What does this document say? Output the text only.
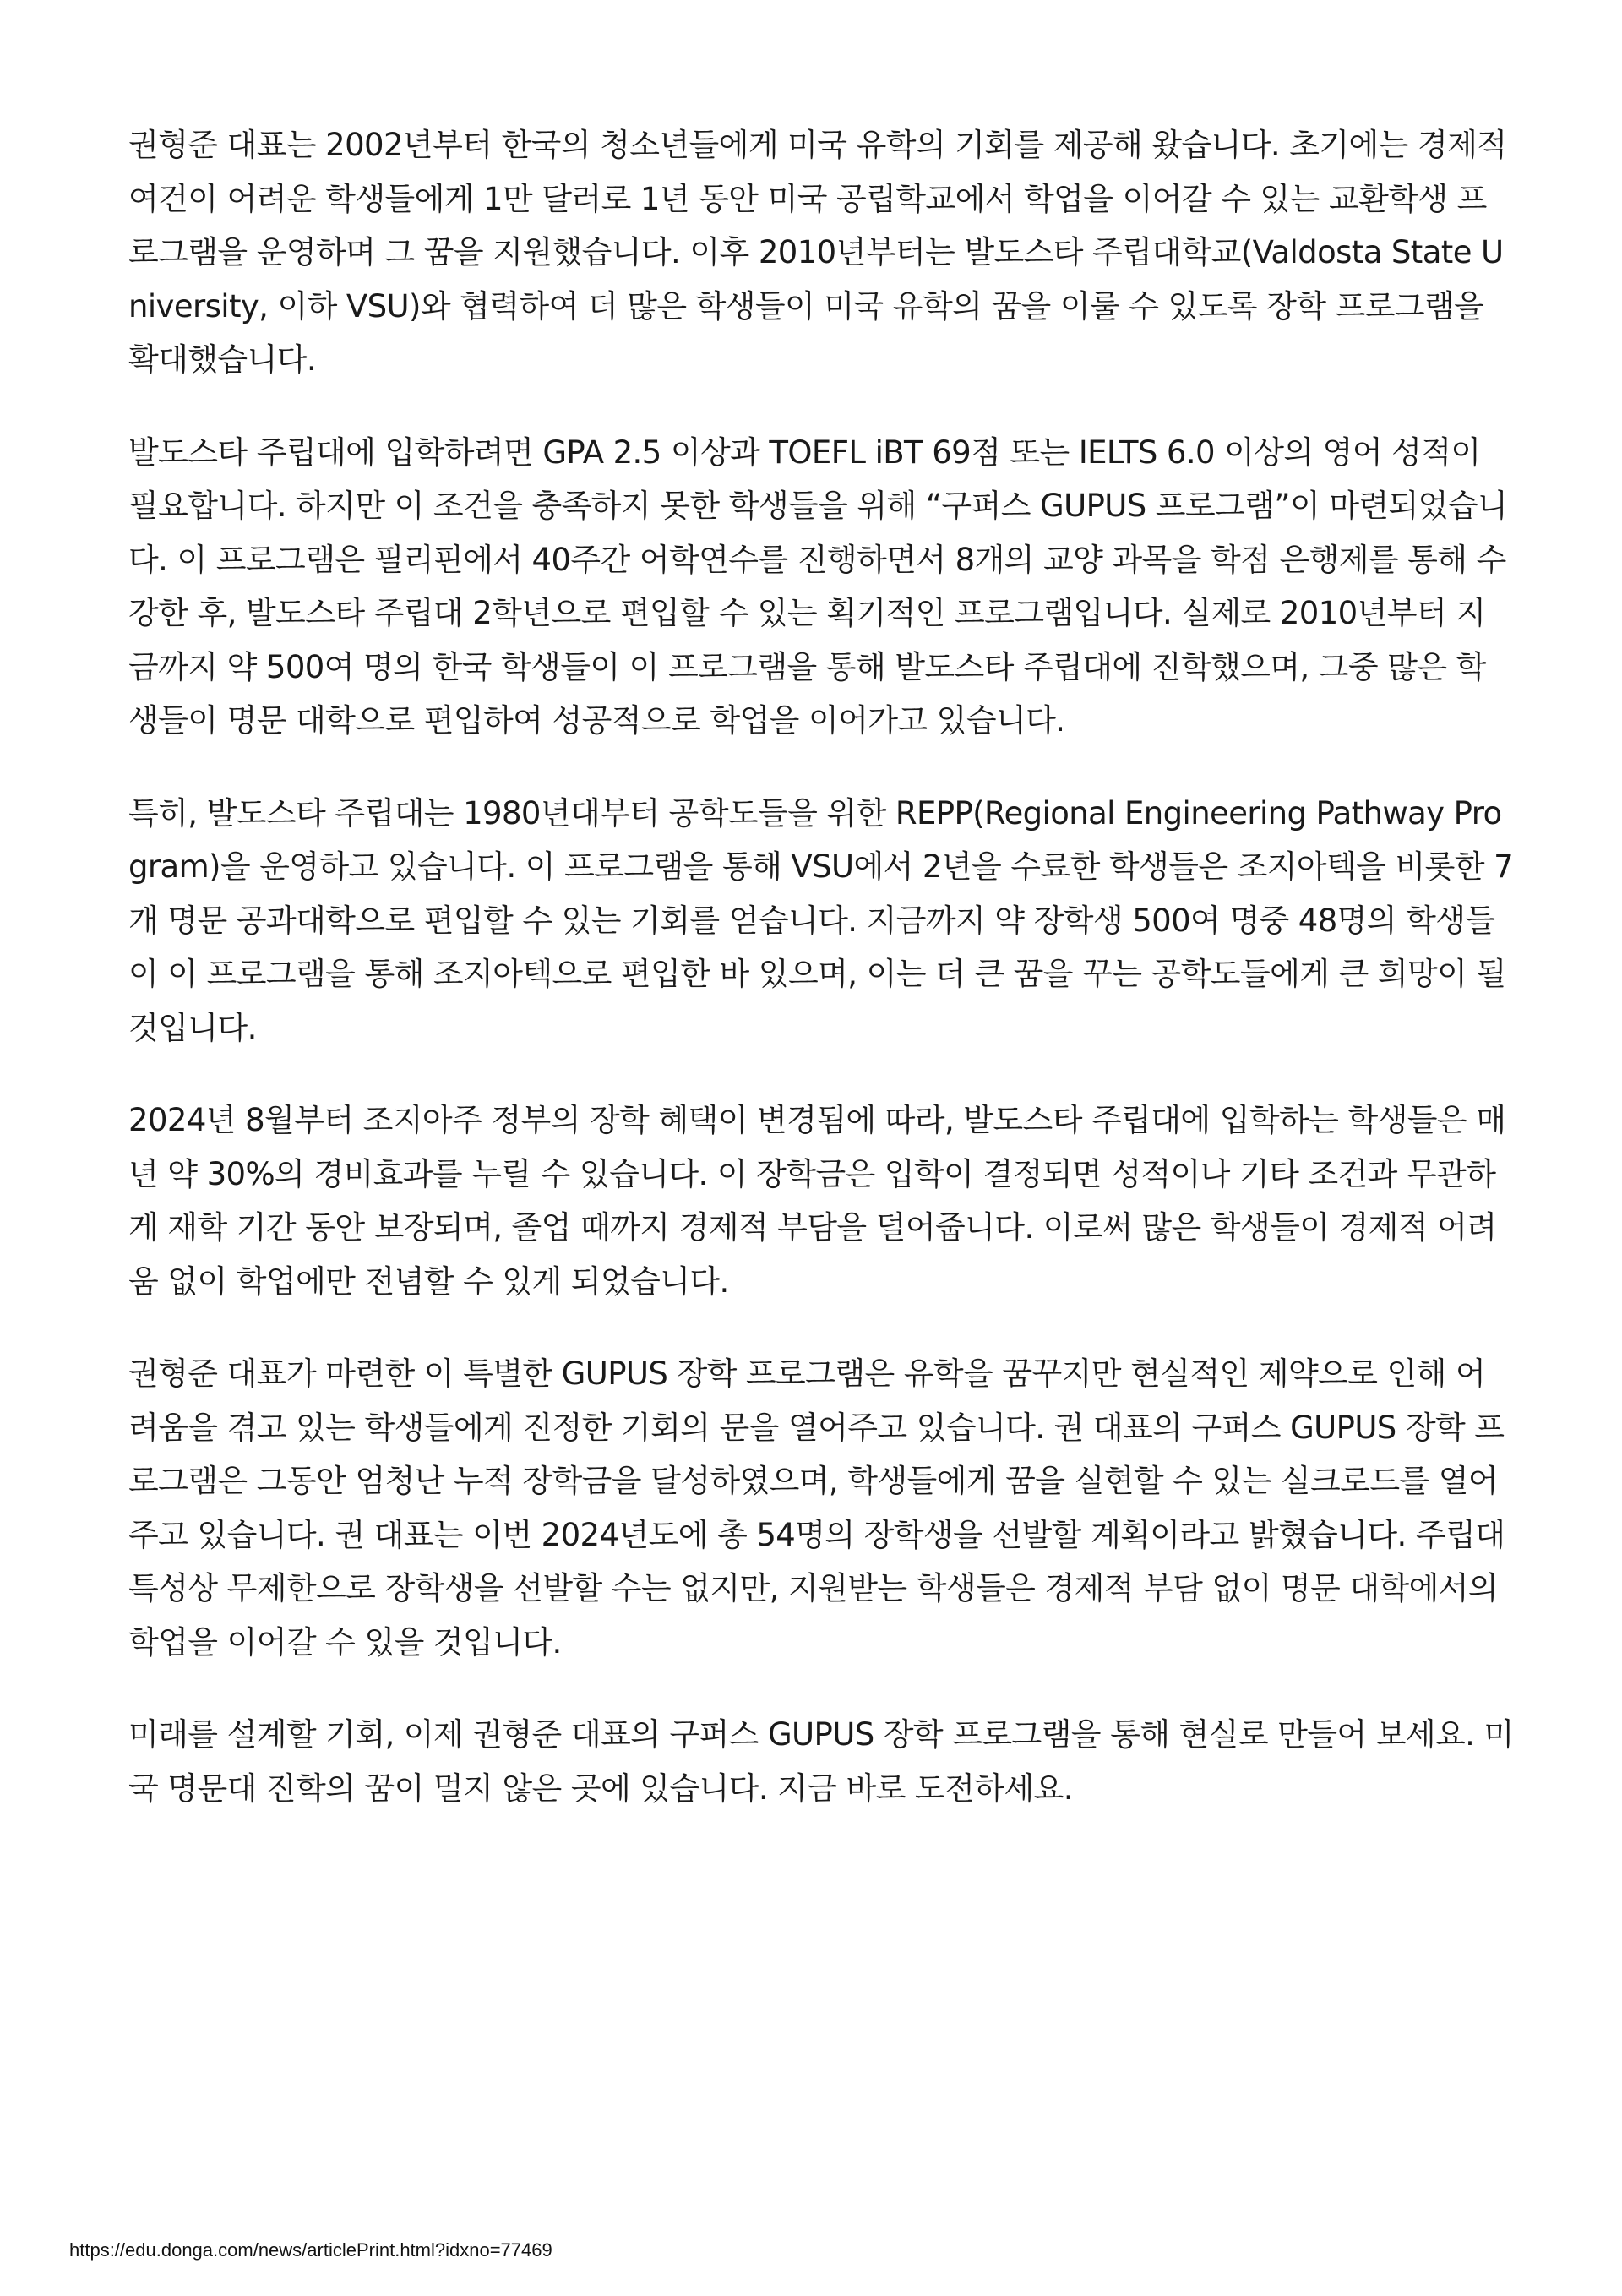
권형준 대표는 2002년부터 한국의 청소년들에게 미국 유학의 기회를 제공해 왔습니다. 초기에는 경제적 여건이 어려운 학생들에게 1만 달러로 1년 동안 미국 공립학교에서 학업을 이어갈 수 있는 교환학생 프로그램을 운영하며 그 꿈을 지원했습니다. 이후 2010년부터는 발도스타 주립대학교(Valdosta State University, 이하 VSU)와 협력하여 더 많은 학생들이 미국 유학의 꿈을 이룰 수 있도록 장학 프로그램을 확대했습니다.

발도스타 주립대에 입학하려면 GPA 2.5 이상과 TOEFL iBT 69점 또는 IELTS 6.0 이상의 영어 성적이 필요합니다. 하지만 이 조건을 충족하지 못한 학생들을 위해 “구퍼스 GUPUS 프로그램”이 마련되었습니다. 이 프로그램은 필리핀에서 40주간 어학연수를 진행하면서 8개의 교양 과목을 학점 은행제를 통해 수강한 후, 발도스타 주립대 2학년으로 편입할 수 있는 획기적인 프로그램입니다. 실제로 2010년부터 지금까지 약 500여 명의 한국 학생들이 이 프로그램을 통해 발도스타 주립대에 진학했으며, 그중 많은 학생들이 명문 대학으로 편입하여 성공적으로 학업을 이어가고 있습니다.

특히, 발도스타 주립대는 1980년대부터 공학도들을 위한 REPP(Regional Engineering Pathway Program)을 운영하고 있습니다. 이 프로그램을 통해 VSU에서 2년을 수료한 학생들은 조지아텍을 비롯한 7개 명문 공과대학으로 편입할 수 있는 기회를 얻습니다. 지금까지 약 장학생 500여 명중 48명의 학생들이 이 프로그램을 통해 조지아텍으로 편입한 바 있으며, 이는 더 큰 꿈을 꾸는 공학도들에게 큰 희망이 될 것입니다.

2024년 8월부터 조지아주 정부의 장학 혜택이 변경됨에 따라, 발도스타 주립대에 입학하는 학생들은 매년 약 30%의 경비효과를 누릴 수 있습니다. 이 장학금은 입학이 결정되면 성적이나 기타 조건과 무관하게 재학 기간 동안 보장되며, 졸업 때까지 경제적 부담을 덜어줍니다. 이로써 많은 학생들이 경제적 어려움 없이 학업에만 전념할 수 있게 되었습니다.

권형준 대표가 마련한 이 특별한 GUPUS 장학 프로그램은 유학을 꿈꾸지만 현실적인 제약으로 인해 어려움을 겪고 있는 학생들에게 진정한 기회의 문을 열어주고 있습니다. 권 대표의 구퍼스 GUPUS 장학 프로그램은 그동안 엄청난 누적 장학금을 달성하였으며, 학생들에게 꿈을 실현할 수 있는 실크로드를 열어주고 있습니다. 권 대표는 이번 2024년도에 총 54명의 장학생을 선발할 계획이라고 밝혔습니다. 주립대 특성상 무제한으로 장학생을 선발할 수는 없지만, 지원받는 학생들은 경제적 부담 없이 명문 대학에서의 학업을 이어갈 수 있을 것입니다.

미래를 설계할 기회, 이제 권형준 대표의 구퍼스 GUPUS 장학 프로그램을 통해 현실로 만들어 보세요. 미국 명문대 진학의 꿈이 멀지 않은 곳에 있습니다. 지금 바로 도전하세요.

https://edu.donga.com/news/articlePrint.html?idxno=77469
